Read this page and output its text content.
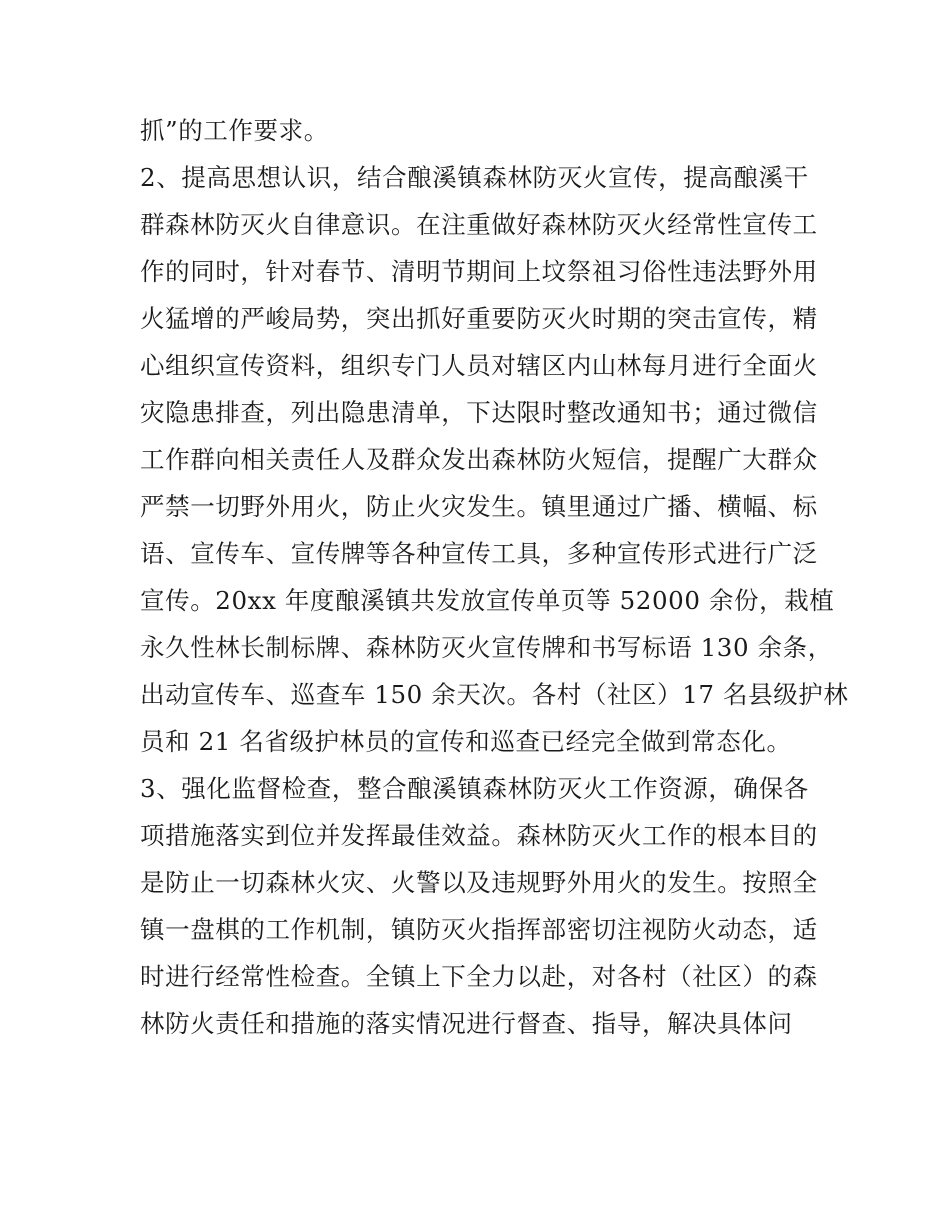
抓”的工作要求。
2、提高思想认识，结合酿溪镇森林防灭火宣传，提高酿溪干
群森林防灭火自律意识。在注重做好森林防灭火经常性宣传工
作的同时，针对春节、清明节期间上坟祭祖习俗性违法野外用
火猛增的严峻局势，突出抓好重要防灭火时期的突击宣传，精
心组织宣传资料，组织专门人员对辖区内山林每月进行全面火
灾隐患排查，列出隐患清单，下达限时整改通知书；通过微信
工作群向相关责任人及群众发出森林防火短信，提醒广大群众
严禁一切野外用火，防止火灾发生。镇里通过广播、横幅、标
语、宣传车、宣传牌等各种宣传工具，多种宣传形式进行广泛
宣传。20xx 年度酿溪镇共发放宣传单页等 52000 余份，栽植
永久性林长制标牌、森林防灭火宣传牌和书写标语 130 余条，
出动宣传车、巡查车 150 余天次。各村（社区）17 名县级护林
员和 21 名省级护林员的宣传和巡查已经完全做到常态化。
3、强化监督检查，整合酿溪镇森林防灭火工作资源，确保各
项措施落实到位并发挥最佳效益。森林防灭火工作的根本目的
是防止一切森林火灾、火警以及违规野外用火的发生。按照全
镇一盘棋的工作机制，镇防灭火指挥部密切注视防火动态，适
时进行经常性检查。全镇上下全力以赴，对各村（社区）的森
林防火责任和措施的落实情况进行督查、指导，解决具体问
